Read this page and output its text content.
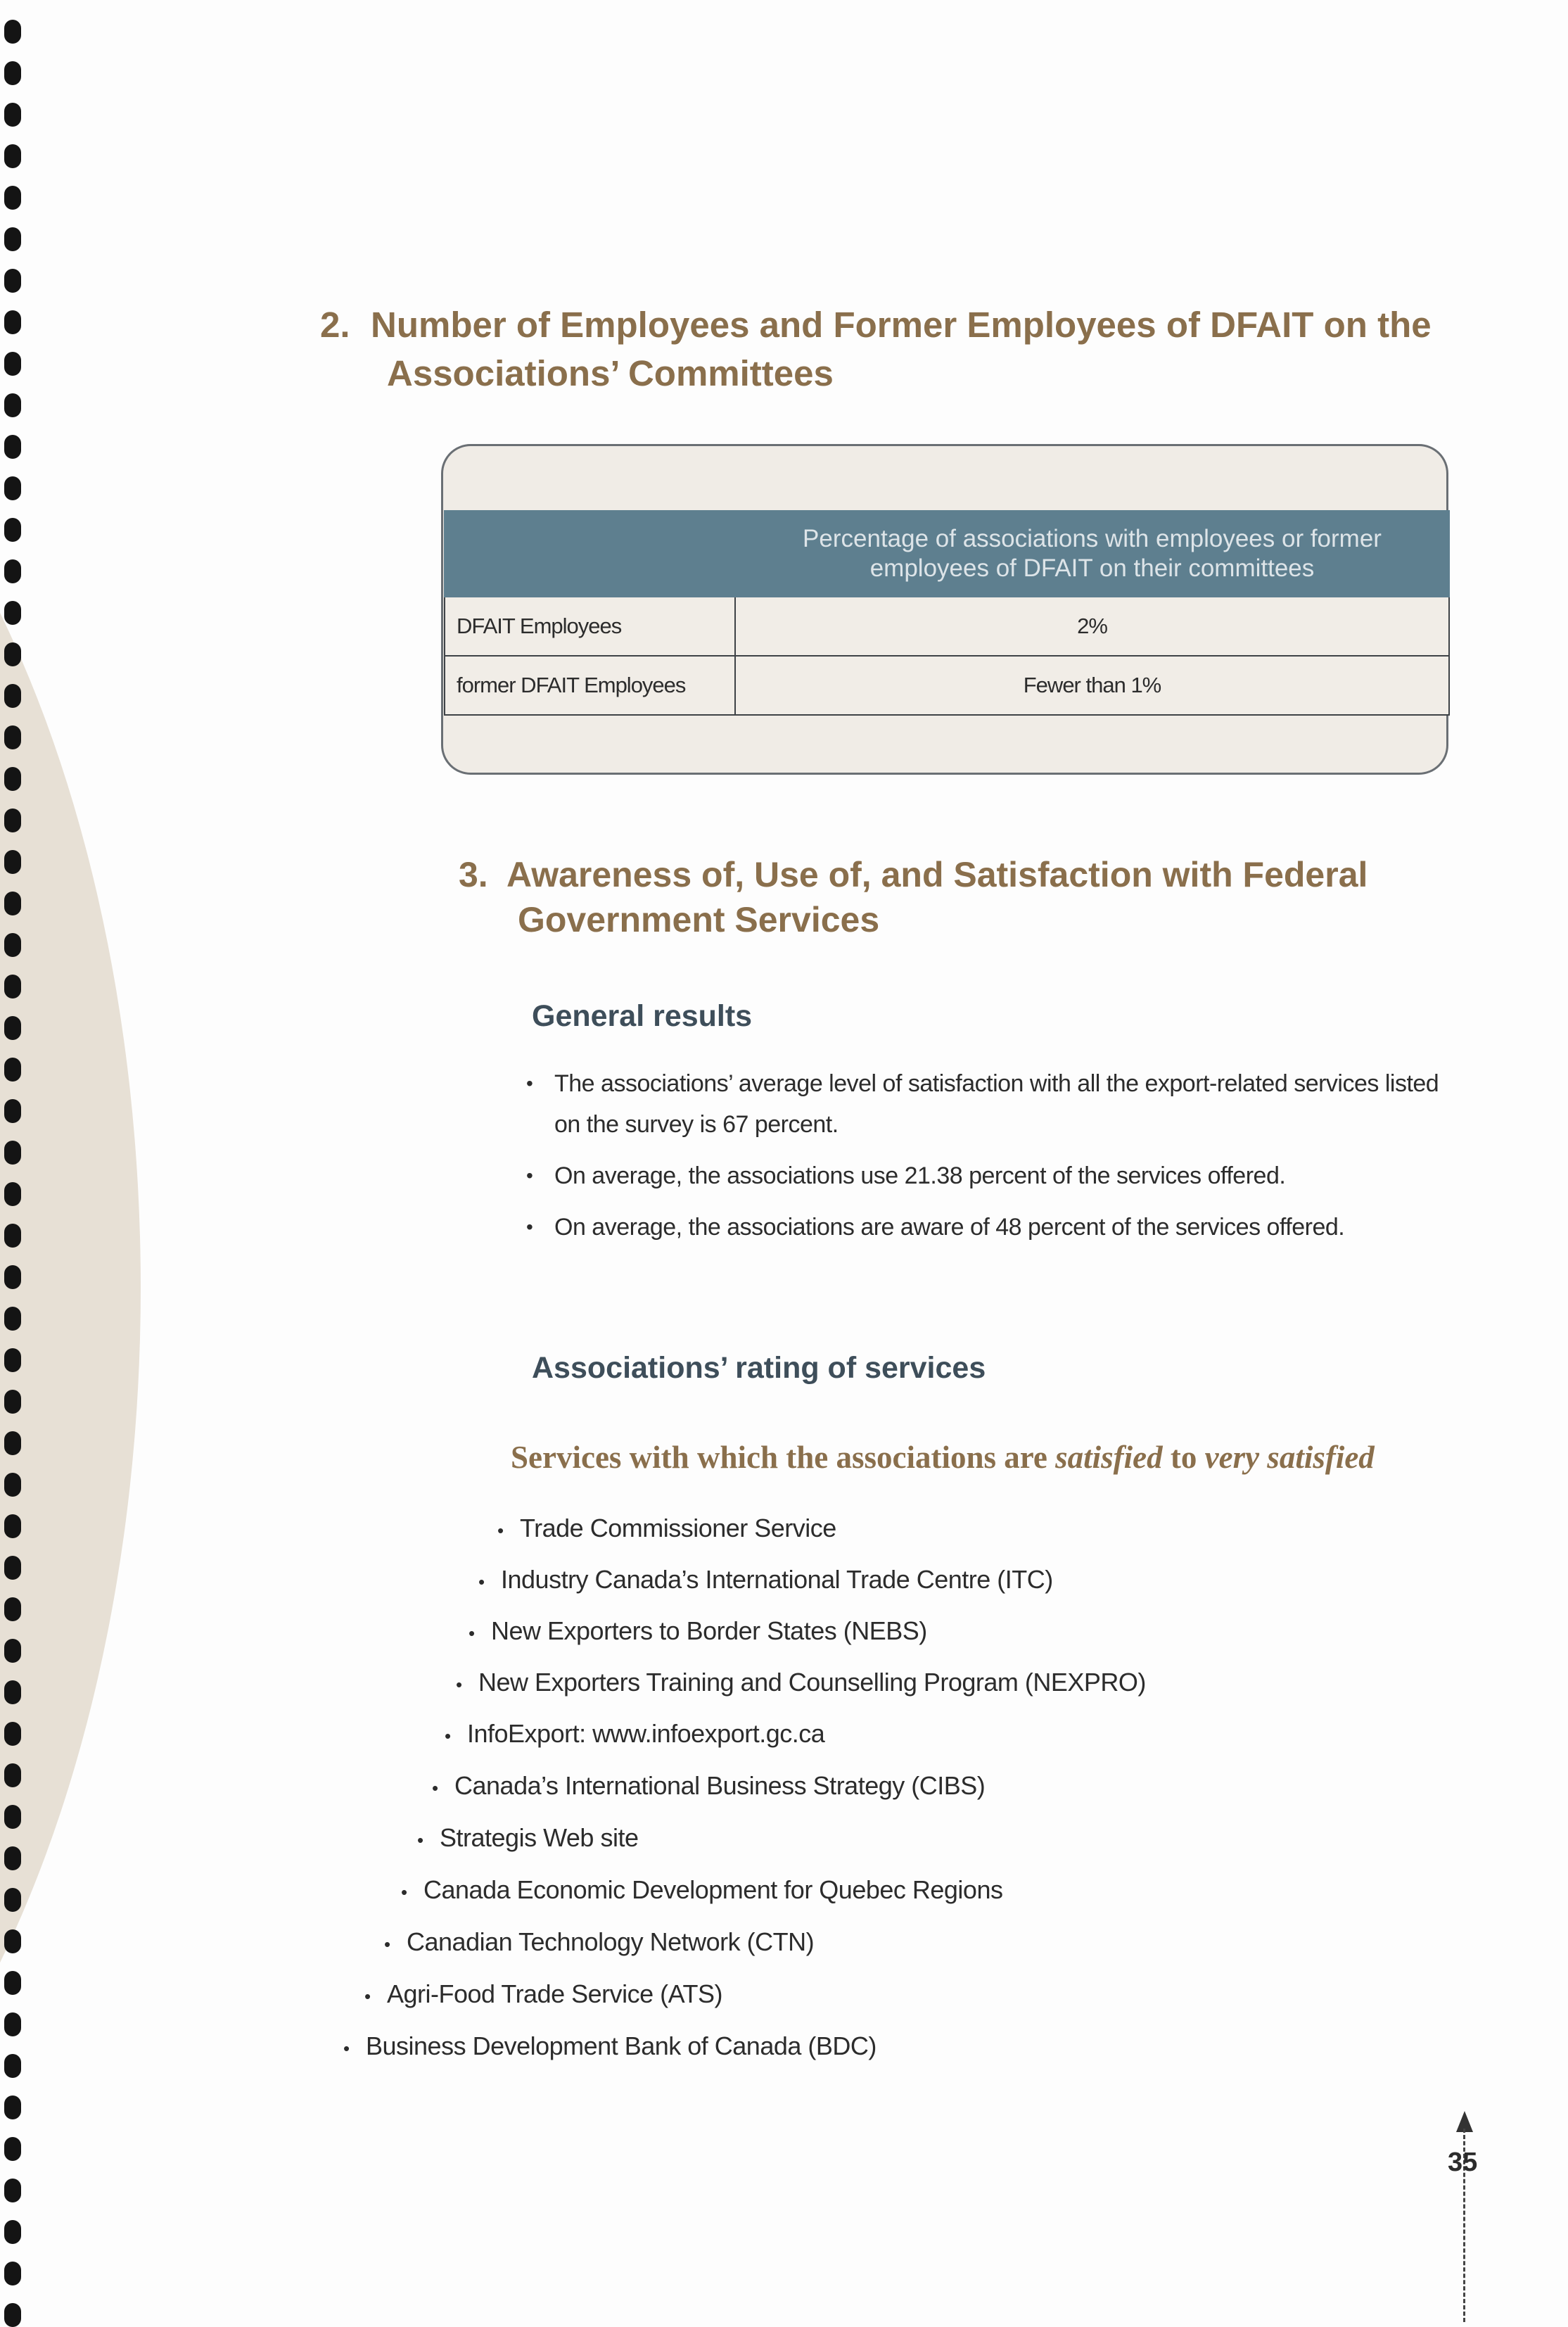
2. Number of Employees and Former Employees of DFAIT on the
Associations’ Committees
	Percentage of associations with employees or former employees of DFAIT on their committees
DFAIT Employees	2%
former DFAIT Employees	Fewer than 1%
3. Awareness of, Use of, and Satisfaction with Federal
Government Services
General results
• The associations’ average level of satisfaction with all the export-related services listed on the survey is 67 percent.
• On average, the associations use 21.38 percent of the services offered.
• On average, the associations are aware of 48 percent of the services offered.
Associations’ rating of services
Services with which the associations are satisfied to very satisfied
• Trade Commissioner Service
• Industry Canada’s International Trade Centre (ITC)
• New Exporters to Border States (NEBS)
• New Exporters Training and Counselling Program (NEXPRO)
• InfoExport: www.infoexport.gc.ca
• Canada’s International Business Strategy (CIBS)
• Strategis Web site
• Canada Economic Development for Quebec Regions
• Canadian Technology Network (CTN)
• Agri-Food Trade Service (ATS)
• Business Development Bank of Canada (BDC)
35
